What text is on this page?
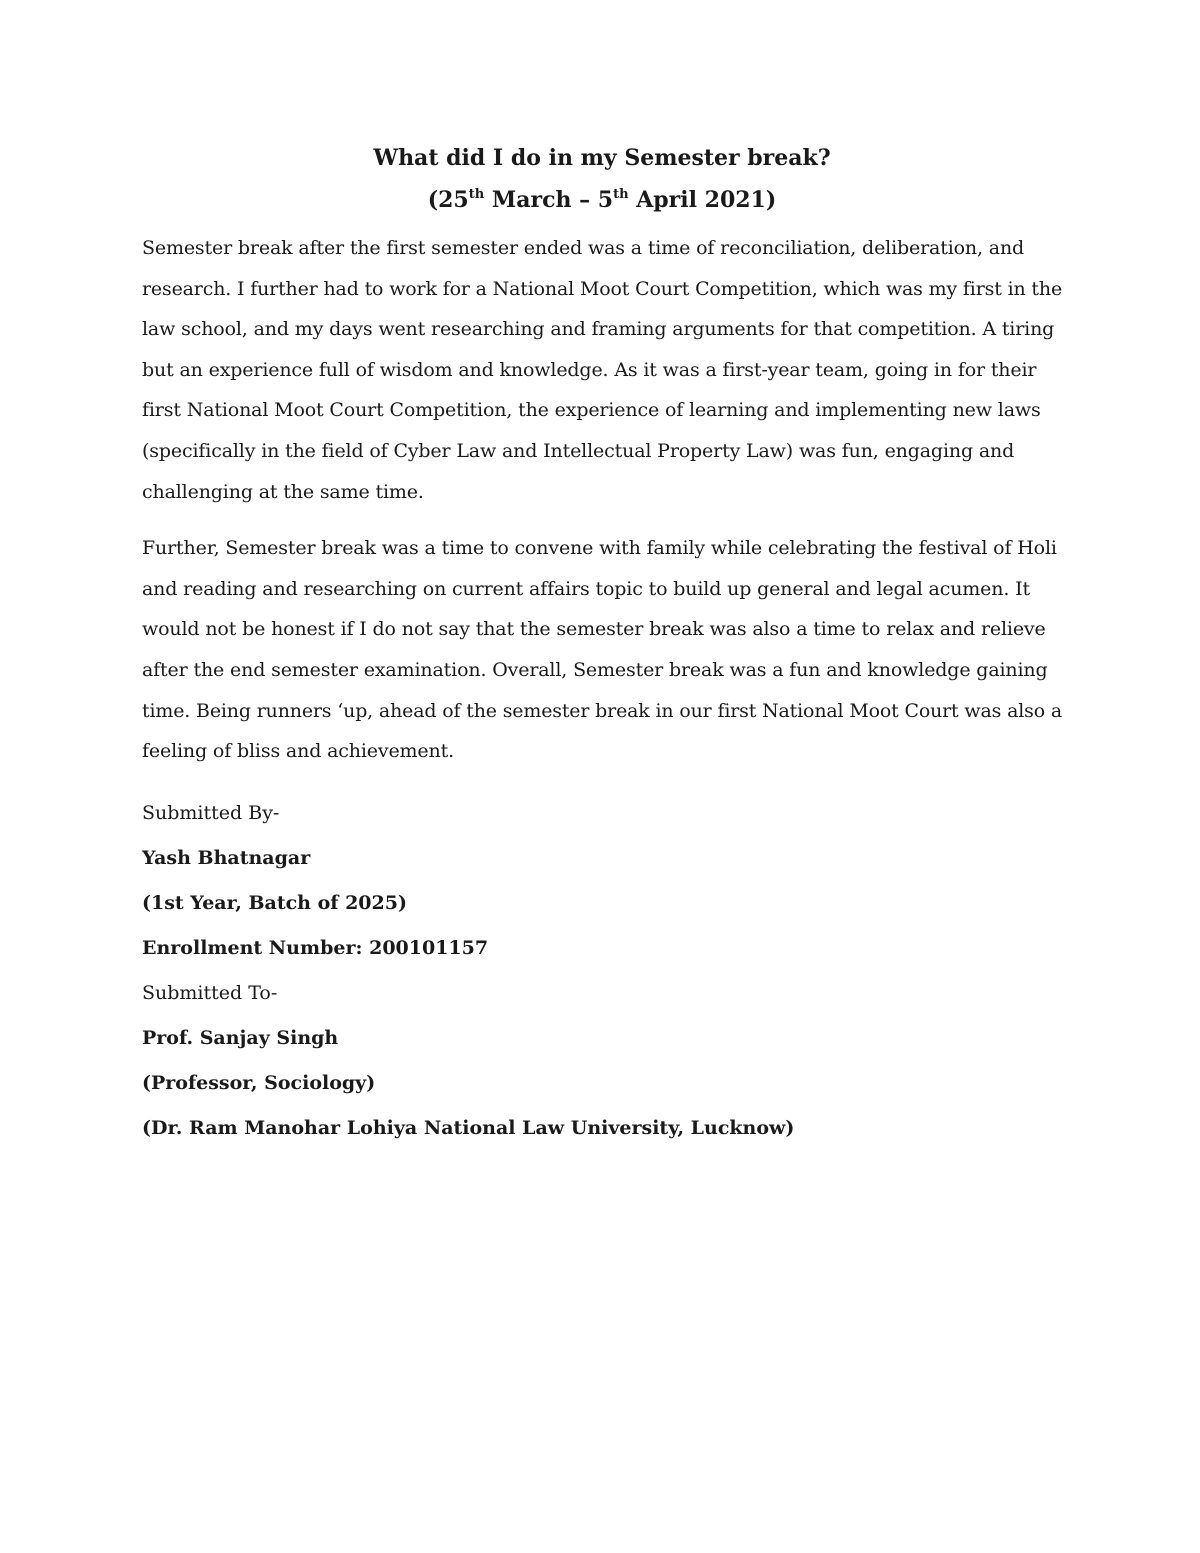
What did I do in my Semester break?

(25th March – 5th April 2021)

Semester break after the first semester ended was a time of reconciliation, deliberation, and
research. I further had to work for a National Moot Court Competition, which was my first in the
law school, and my days went researching and framing arguments for that competition. A tiring
but an experience full of wisdom and knowledge. As it was a first-year team, going in for their
first National Moot Court Competition, the experience of learning and implementing new laws
(specifically in the field of Cyber Law and Intellectual Property Law) was fun, engaging and
challenging at the same time.

Further, Semester break was a time to convene with family while celebrating the festival of Holi
and reading and researching on current affairs topic to build up general and legal acumen. It
would not be honest if I do not say that the semester break was also a time to relax and relieve
after the end semester examination. Overall, Semester break was a fun and knowledge gaining
time. Being runners ‘up, ahead of the semester break in our first National Moot Court was also a
feeling of bliss and achievement.

Submitted By-

Yash Bhatnagar

(1st Year, Batch of 2025)

Enrollment Number: 200101157

Submitted To-

Prof. Sanjay Singh

(Professor, Sociology)

(Dr. Ram Manohar Lohiya National Law University, Lucknow)
